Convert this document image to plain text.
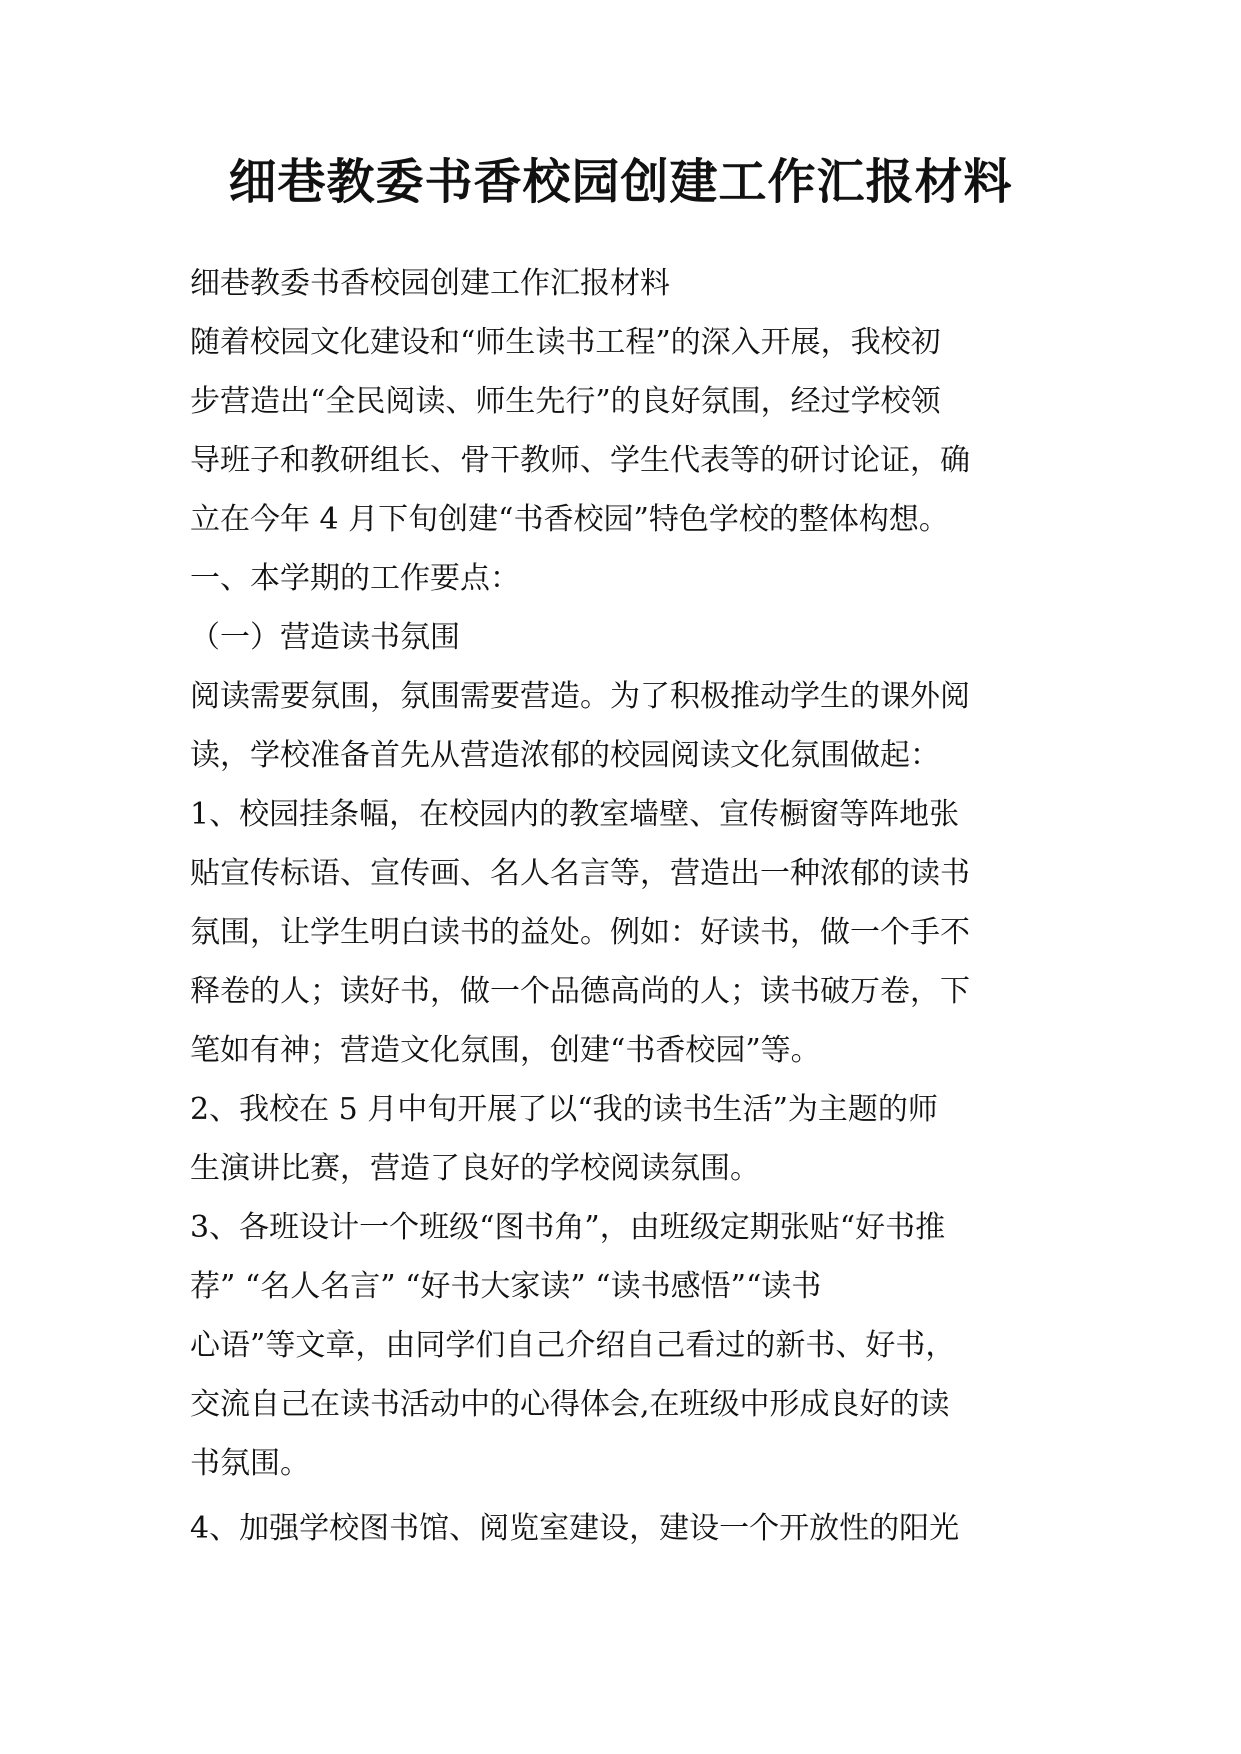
细巷教委书香校园创建工作汇报材料
细巷教委书香校园创建工作汇报材料
随着校园文化建设和“师生读书工程”的深入开展，我校初
步营造出“全民阅读、师生先行”的良好氛围，经过学校领
导班子和教研组长、骨干教师、学生代表等的研讨论证，确
立在今年 4 月下旬创建“书香校园”特色学校的整体构想。
一、本学期的工作要点：
（一）营造读书氛围
阅读需要氛围，氛围需要营造。为了积极推动学生的课外阅
读，学校准备首先从营造浓郁的校园阅读文化氛围做起：
1、校园挂条幅，在校园内的教室墙壁、宣传橱窗等阵地张
贴宣传标语、宣传画、名人名言等，营造出一种浓郁的读书
氛围，让学生明白读书的益处。例如：好读书，做一个手不
释卷的人；读好书，做一个品德高尚的人；读书破万卷，下
笔如有神；营造文化氛围，创建“书香校园”等。
2、我校在 5 月中旬开展了以“我的读书生活”为主题的师
生演讲比赛，营造了良好的学校阅读氛围。
3、各班设计一个班级“图书角”，由班级定期张贴“好书推
荐” “名人名言” “好书大家读” “读书感悟”“读书
心语”等文章，由同学们自己介绍自己看过的新书、好书，
交流自己在读书活动中的心得体会,在班级中形成良好的读
书氛围。
4、加强学校图书馆、阅览室建设，建设一个开放性的阳光
